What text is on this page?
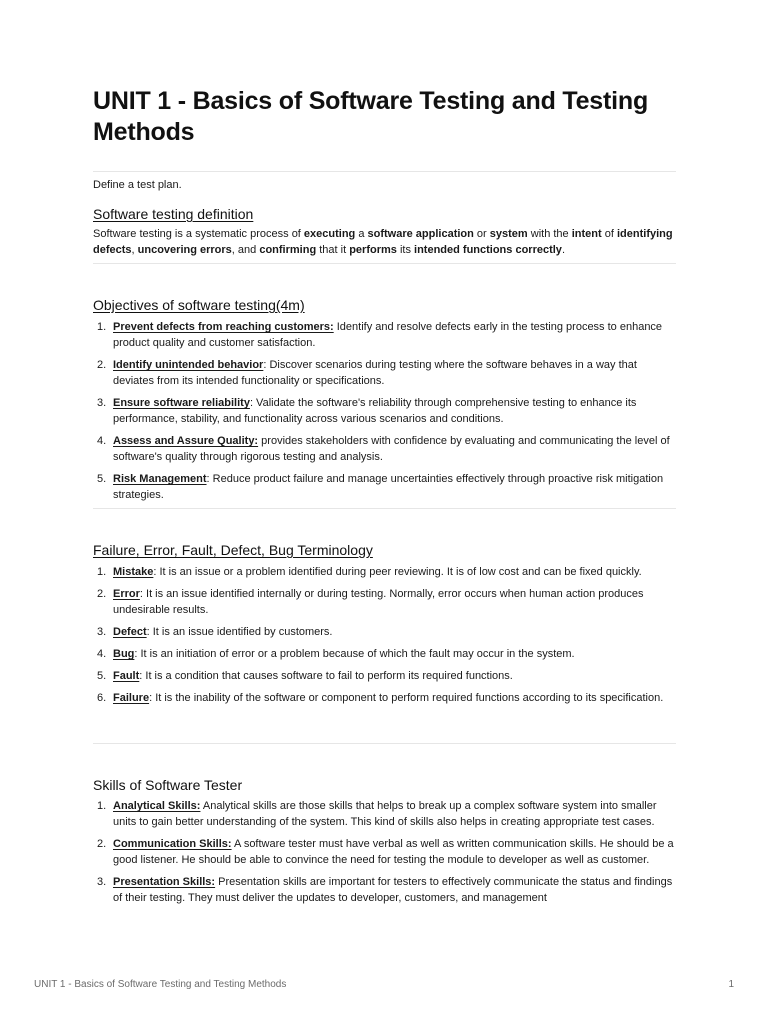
UNIT 1 - Basics of Software Testing and Testing Methods
Define a test plan.
Software testing definition
Software testing is a systematic process of executing a software application or system with the intent of identifying defects, uncovering errors, and confirming that it performs its intended functions correctly.
Objectives of software testing(4m)
1. Prevent defects from reaching customers: Identify and resolve defects early in the testing process to enhance product quality and customer satisfaction.
2. Identify unintended behavior: Discover scenarios during testing where the software behaves in a way that deviates from its intended functionality or specifications.
3. Ensure software reliability: Validate the software's reliability through comprehensive testing to enhance its performance, stability, and functionality across various scenarios and conditions.
4. Assess and Assure Quality: provides stakeholders with confidence by evaluating and communicating the level of software's quality through rigorous testing and analysis.
5. Risk Management: Reduce product failure and manage uncertainties effectively through proactive risk mitigation strategies.
Failure, Error, Fault, Defect, Bug Terminology
1. Mistake: It is an issue or a problem identified during peer reviewing. It is of low cost and can be fixed quickly.
2. Error: It is an issue identified internally or during testing. Normally, error occurs when human action produces undesirable results.
3. Defect: It is an issue identified by customers.
4. Bug: It is an initiation of error or a problem because of which the fault may occur in the system.
5. Fault: It is a condition that causes software to fail to perform its required functions.
6. Failure: It is the inability of the software or component to perform required functions according to its specification.
Skills of Software Tester
1. Analytical Skills: Analytical skills are those skills that helps to break up a complex software system into smaller units to gain better understanding of the system. This kind of skills also helps in creating appropriate test cases.
2. Communication Skills: A software tester must have verbal as well as written communication skills. He should be a good listener. He should be able to convince the need for testing the module to developer as well as customer.
3. Presentation Skills: Presentation skills are important for testers to effectively communicate the status and findings of their testing. They must deliver the updates to developer, customers, and management
UNIT 1 - Basics of Software Testing and Testing Methods	1
